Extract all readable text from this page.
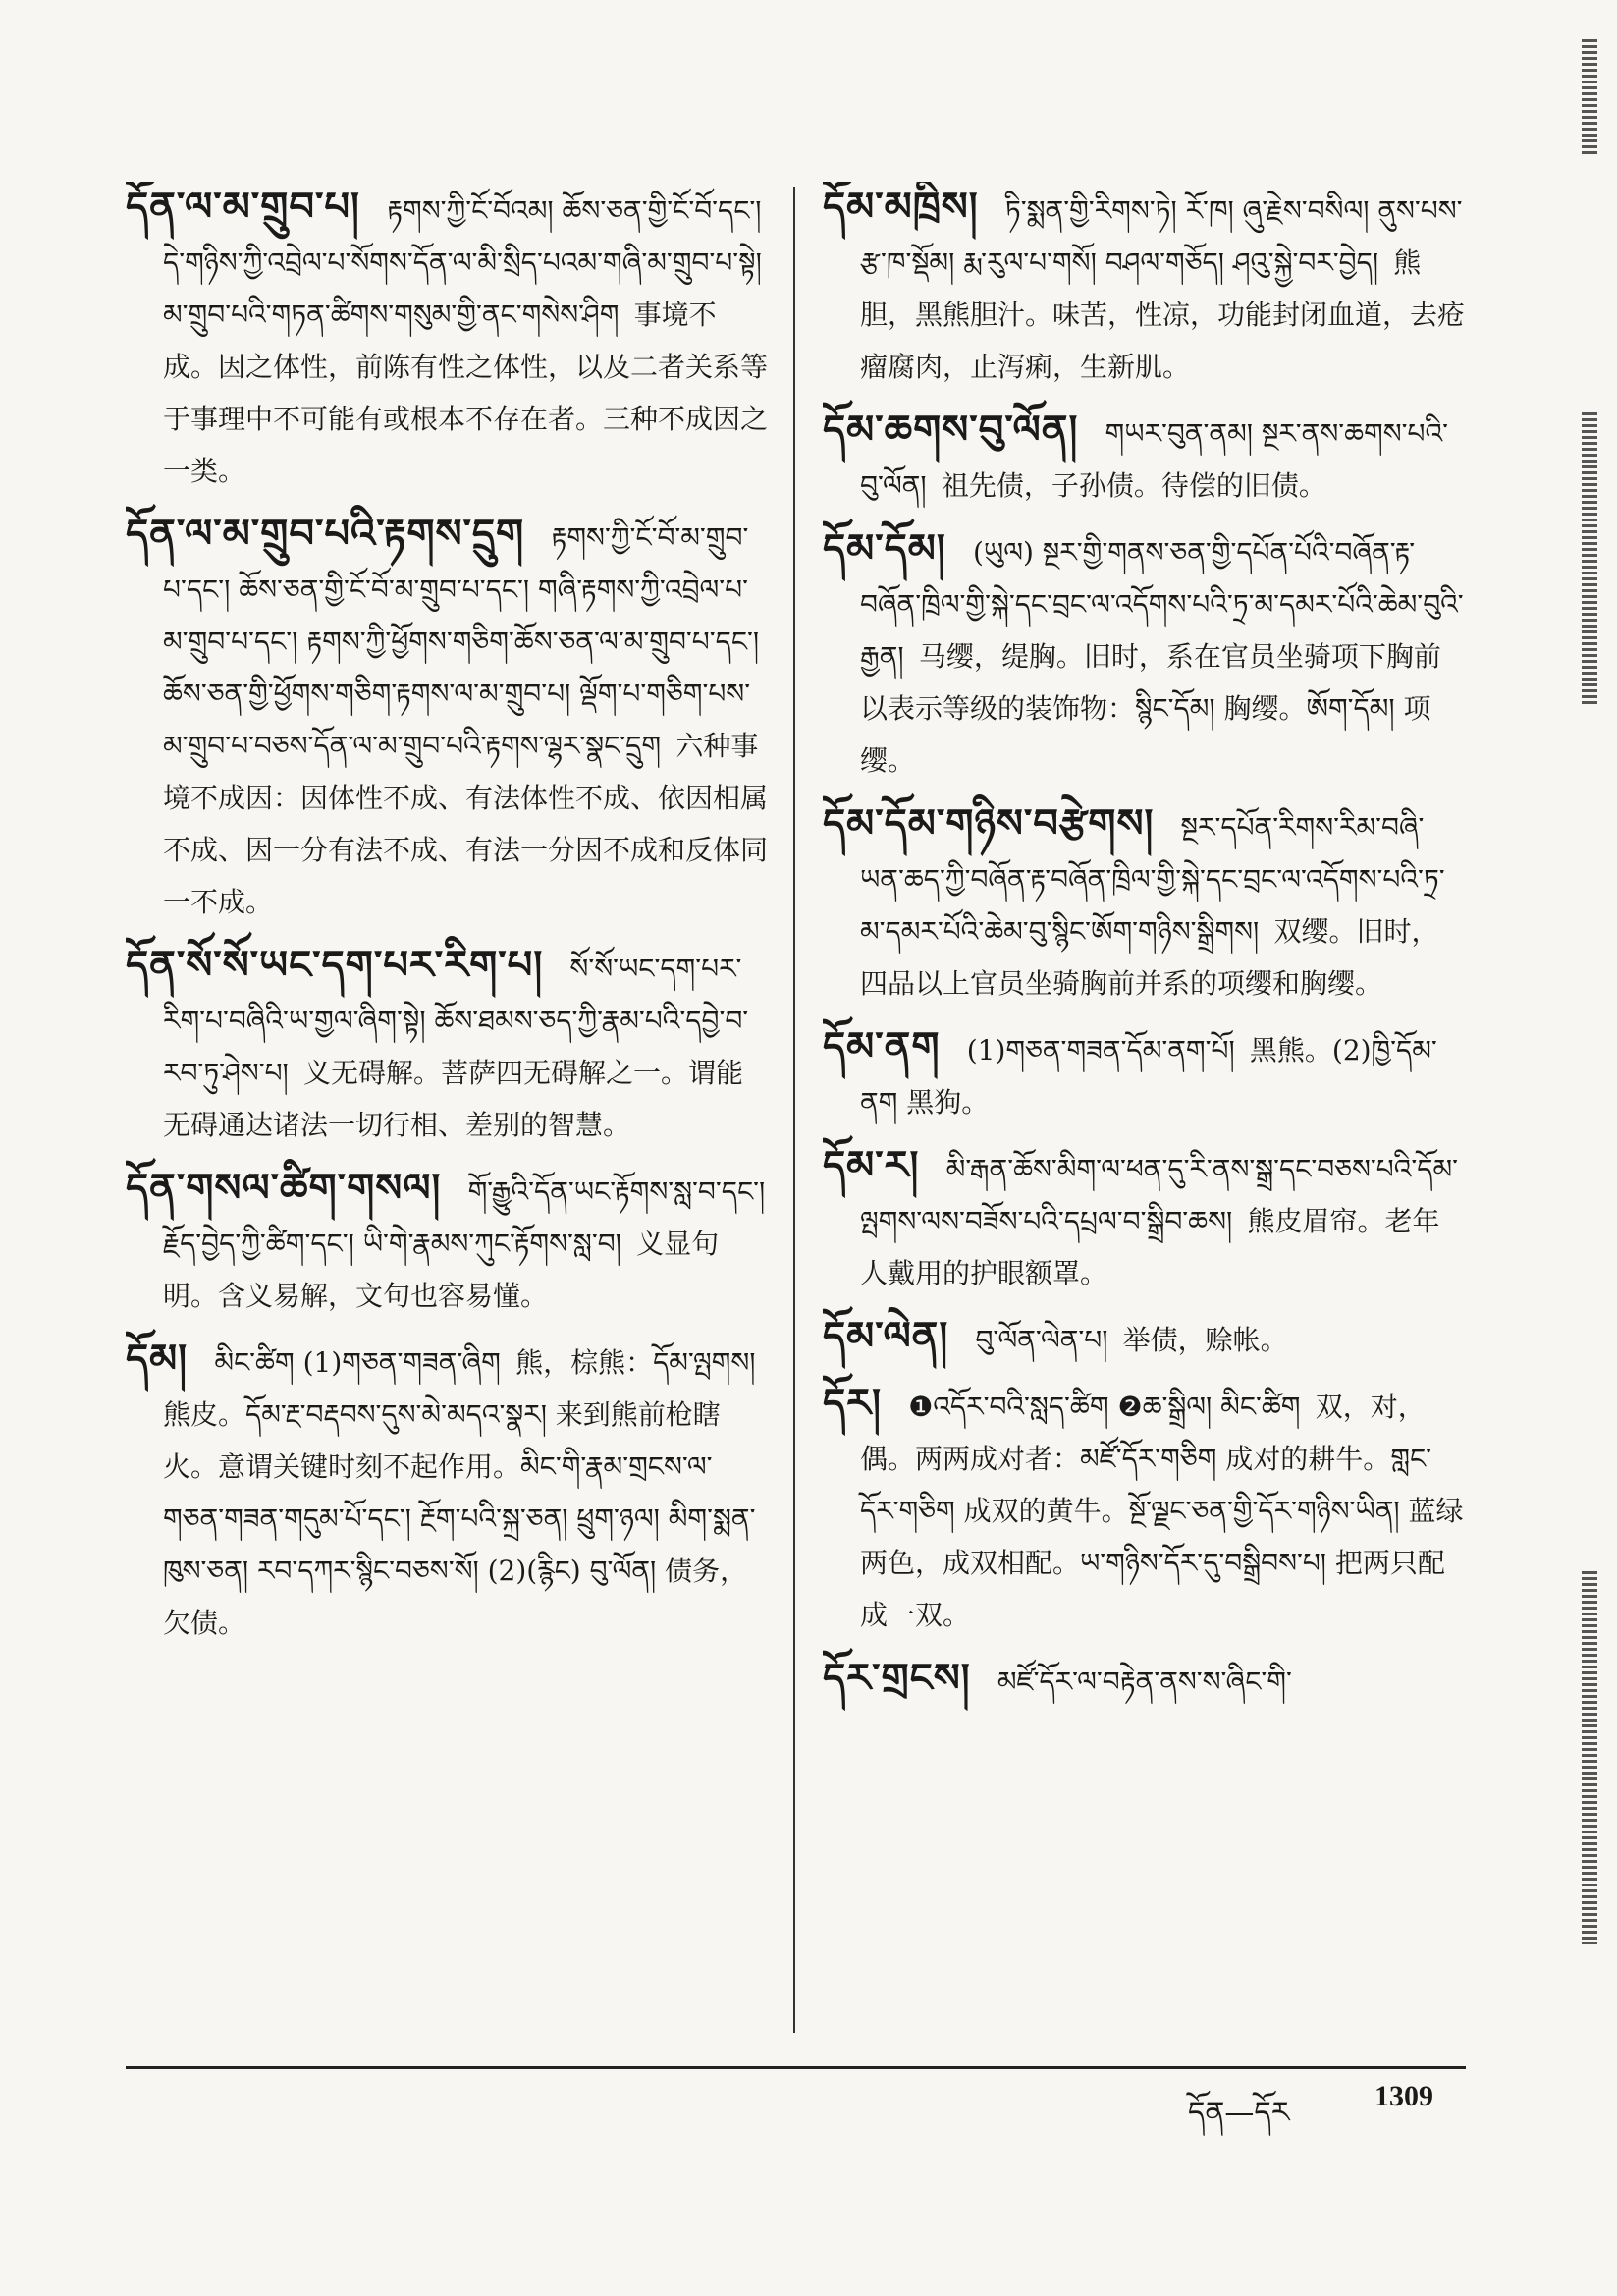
དོན་ལ་མ་གྲུབ་པ། རྟགས་ཀྱི་ངོ་བོའམ། ཆོས་ཅན་གྱི་ངོ་བོ་དང་། དེ་གཉིས་ཀྱི་འབྲེལ་པ་སོགས་དོན་ལ་མི་སྲིད་པའམ་གཞི་མ་གྲུབ་པ་སྟེ། མ་གྲུབ་པའི་གཏན་ཚིགས་གསུམ་གྱི་ནང་གསེས་ཤིག 事境不成。因之体性，前陈有性之体性，以及二者关系等于事理中不可能有或根本不存在者。三种不成因之一类。
དོན་ལ་མ་གྲུབ་པའི་རྟགས་དྲུག རྟགས་ཀྱི་ངོ་བོ་མ་གྲུབ་པ་དང་། ཆོས་ཅན་གྱི་ངོ་བོ་མ་གྲུབ་པ་དང་། གཞི་རྟགས་ཀྱི་འབྲེལ་པ་མ་གྲུབ་པ་དང་། རྟགས་ཀྱི་ཕྱོགས་གཅིག་ཆོས་ཅན་ལ་མ་གྲུབ་པ་དང་། ཆོས་ཅན་གྱི་ཕྱོགས་གཅིག་རྟགས་ལ་མ་གྲུབ་པ། ལྡོག་པ་གཅིག་པས་མ་གྲུབ་པ་བཅས་དོན་ལ་མ་གྲུབ་པའི་རྟགས་ལྷར་སྣང་དྲུག 六种事境不成因：因体性不成、有法体性不成、依因相属不成、因一分有法不成、有法一分因不成和反体同一不成。
དོན་སོ་སོ་ཡང་དག་པར་རིག་པ། སོ་སོ་ཡང་དག་པར་རིག་པ་བཞིའི་ཡ་གྱལ་ཞིག་སྟེ། ཆོས་ཐམས་ཅད་ཀྱི་རྣམ་པའི་དབྱེ་བ་རབ་ཏུ་ཤེས་པ། 义无碍解。菩萨四无碍解之一。谓能无碍通达诸法一切行相、差别的智慧。
དོན་གསལ་ཚིག་གསལ། གོ་རྒྱུའི་དོན་ཡང་རྟོགས་སླ་བ་དང་། རྗོད་བྱེད་ཀྱི་ཚིག་དང་། ཡི་གེ་རྣམས་ཀུང་རྟོགས་སླ་བ། 义显句明。含义易解，文句也容易懂。
དོམ། མིང་ཚིག (1)གཅན་གཟན་ཞིག 熊，棕熊：དོམ་ལྤགས། 熊皮。དོམ་རྔ་བརྡབས་དུས་མེ་མདའ་སྣར། 来到熊前枪瞎火。意谓关键时刻不起作用。མིང་གི་རྣམ་གྲངས་ལ་གཅན་གཟན་གདུམ་པོ་དང་། རྔོག་པའི་སྐྲ་ཅན། ཕྲུག་ཉལ། མིག་སྨན་ཁུས་ཅན། རབ་དཀར་སྙིང་བཅས་སོ། (2)(རྙིང) བུ་ལོན། 债务，欠债。
དོམ་མཁྲིས། ཏི་སྨན་གྱི་རིགས་ཏེ། རོ་ཁ། ཞུ་རྗེས་བསིལ། ནུས་པས་རྩ་ཁ་སྡོམ། རྨ་རུལ་པ་གསོ། བཤལ་གཅོད། ཤའུ་སྐྱེ་བར་བྱེད། 熊胆，黑熊胆汁。味苦，性凉，功能封闭血道，去疮瘤腐肉，止泻痢，生新肌。
དོམ་ཆགས་བུ་ལོན། གཡར་བུན་ནམ། སྔར་ནས་ཆགས་པའི་བུ་ལོན། 祖先债，子孙债。待偿的旧债。
དོམ་དོམ། (ཡུལ) སྔར་གྱི་གནས་ཅན་གྱི་དཔོན་པོའི་བཞོན་རྟ་བཞོན་ཁྲིལ་གྱི་སྐེ་དང་བྲང་ལ་འདོགས་པའི་ཏྲ་མ་དམར་པོའི་ཆེམ་བུའི་རྒྱན། 马缨，缇胸。旧时，系在官员坐骑项下胸前以表示等级的装饰物：སྙིང་དོམ། 胸缨。ཨོག་དོམ། 项缨。
དོམ་དོམ་གཉིས་བརྩེགས། སྔར་དཔོན་རིགས་རིམ་བཞི་ཡན་ཆད་ཀྱི་བཞོན་རྟ་བཞོན་ཁྲིལ་གྱི་སྐེ་དང་བྲང་ལ་འདོགས་པའི་ཏྲ་མ་དམར་པོའི་ཆེམ་བུ་སྙིང་ཨོག་གཉིས་སྒྲིགས། 双缨。旧时，四品以上官员坐骑胸前并系的项缨和胸缨。
དོམ་ནག (1)གཅན་གཟན་དོམ་ནག་པོ། 黑熊。(2)ཁྱི་དོམ་ནག 黑狗。
དོམ་ར། མི་རྒན་ཆོས་མིག་ལ་ཕན་དུ་རི་ནས་སྒྲ་དང་བཅས་པའི་དོམ་ལྤགས་ལས་བཟོས་པའི་དཔྲལ་བ་སྒྲིབ་ཆས། 熊皮眉帘。老年人戴用的护眼额罩。
དོམ་ལེན། བུ་ལོན་ལེན་པ། 举债，赊帐。
དོར། ❶འདོར་བའི་སླད་ཚིག ❷ཆ་སྒྲིལ། མིང་ཚིག 双，对，偶。两两成对者：མཛོ་དོར་གཅིག 成对的耕牛。གླང་དོར་གཅིག 成双的黄牛。སྔོ་ལྗང་ཅན་གྱི་དོར་གཉིས་ཡིན། 蓝绿两色，成双相配。ཡ་གཉིས་དོར་དུ་བསྒྲིབས་པ། 把两只配成一双。
དོར་གྲངས། མཛོ་དོར་ལ་བརྟེན་ནས་ས་ཞིང་གི་
དོན—དོར	1309
